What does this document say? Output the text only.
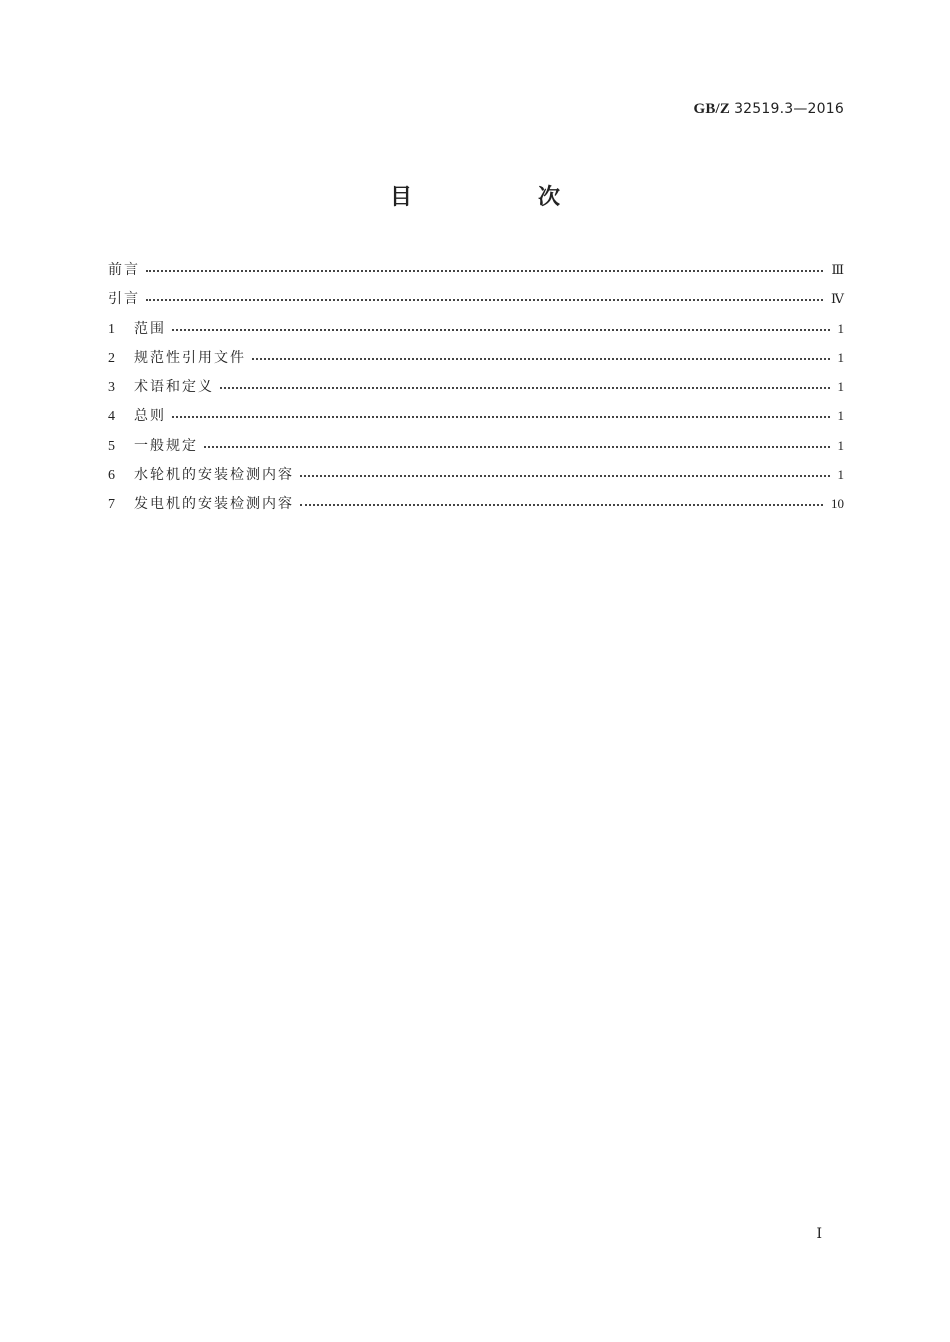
GB/Z 32519.3—2016
目　次
前言	Ⅲ
引言	Ⅳ
1	范围	1
2	规范性引用文件	1
3	术语和定义	1
4	总则	1
5	一般规定	1
6	水轮机的安装检测内容	1
7	发电机的安装检测内容	10
Ⅰ
